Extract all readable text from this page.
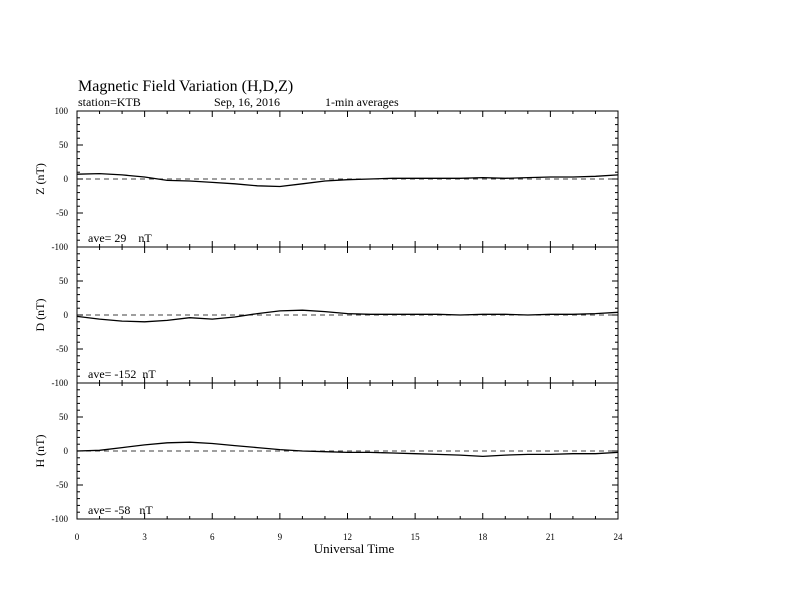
Magnetic Field Variation (H,D,Z)
station=KTB	Sep, 16, 2016	1-min averages
100
50
0
-50
-100
Z (nT)
ave= 29    nT
50
0
-50
-100
D (nT)
ave= -152  nT
50
0
-50
-100
H (nT)
ave= -58   nT
0	3	6	9	12	15	18	21	24
Universal Time
